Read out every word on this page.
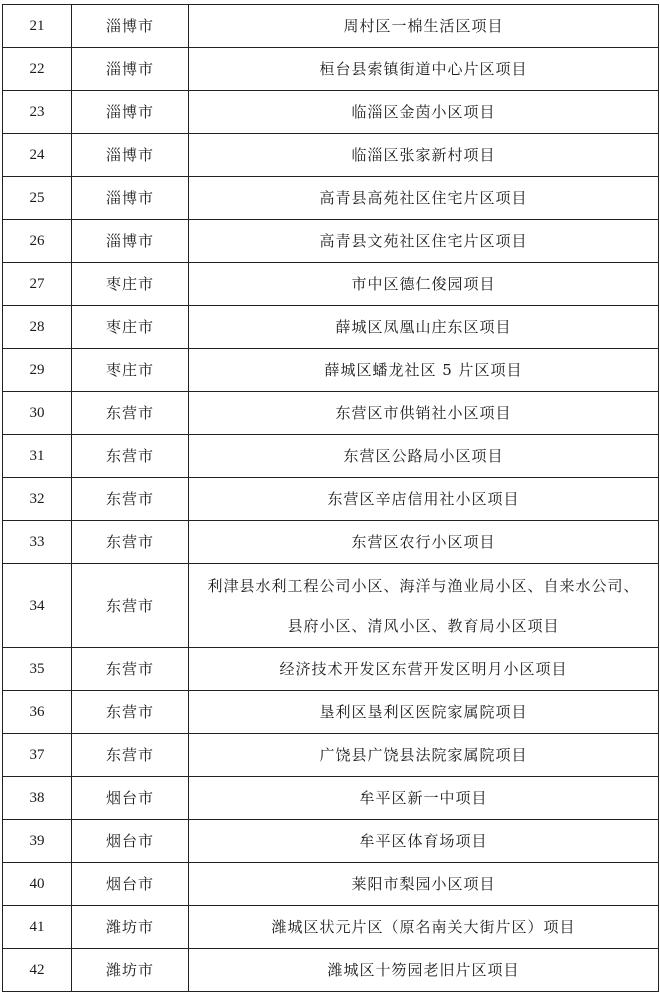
21	淄博市	周村区一棉生活区项目
22	淄博市	桓台县索镇街道中心片区项目
23	淄博市	临淄区金茵小区项目
24	淄博市	临淄区张家新村项目
25	淄博市	高青县高苑社区住宅片区项目
26	淄博市	高青县文苑社区住宅片区项目
27	枣庄市	市中区德仁俊园项目
28	枣庄市	薛城区凤凰山庄东区项目
29	枣庄市	薛城区蟠龙社区 5 片区项目
30	东营市	东营区市供销社小区项目
31	东营市	东营区公路局小区项目
32	东营市	东营区辛店信用社小区项目
33	东营市	东营区农行小区项目
34	东营市	利津县水利工程公司小区、海洋与渔业局小区、自来水公司、
县府小区、清风小区、教育局小区项目

35	东营市	经济技术开发区东营开发区明月小区项目
36	东营市	垦利区垦利区医院家属院项目
37	东营市	广饶县广饶县法院家属院项目
38	烟台市	牟平区新一中项目
39	烟台市	牟平区体育场项目
40	烟台市	莱阳市梨园小区项目
41	潍坊市	潍城区状元片区（原名南关大街片区）项目
42	潍坊市	潍城区十笏园老旧片区项目
